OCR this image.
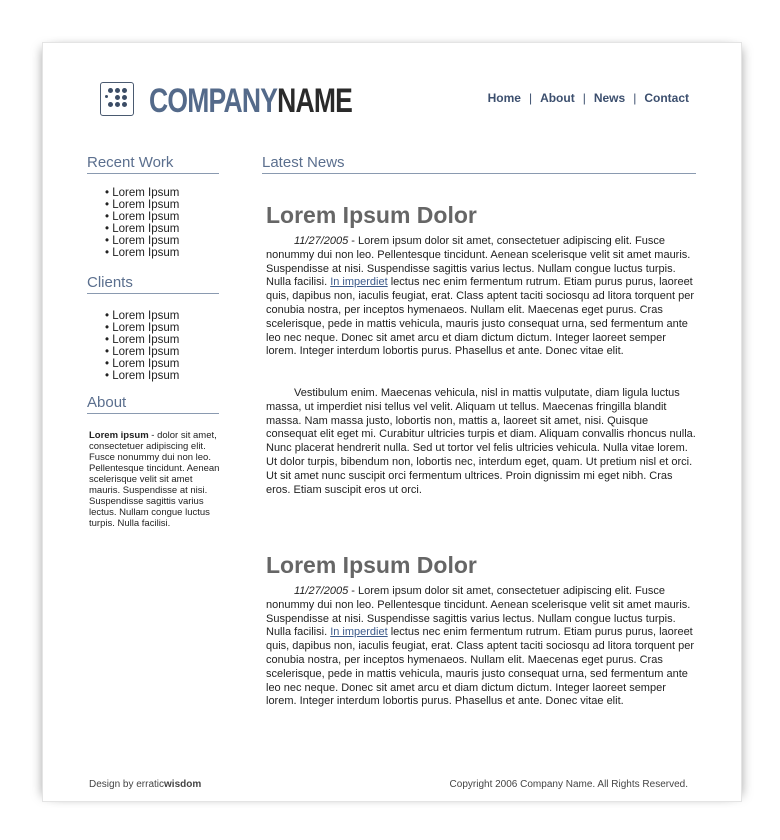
COMPANYNAME	Home | About | News | Contact
Recent Work
• Lorem Ipsum
• Lorem Ipsum
• Lorem Ipsum
• Lorem Ipsum
• Lorem Ipsum
• Lorem Ipsum
Clients
• Lorem Ipsum
• Lorem Ipsum
• Lorem Ipsum
• Lorem Ipsum
• Lorem Ipsum
• Lorem Ipsum
About
Lorem ipsum - dolor sit amet, consectetuer adipiscing elit. Fusce nonummy dui non leo. Pellentesque tincidunt. Aenean scelerisque velit sit amet mauris. Suspendisse at nisi. Suspendisse sagittis varius lectus. Nullam congue luctus turpis. Nulla facilisi.
Latest News
Lorem Ipsum Dolor

11/27/2005 - Lorem ipsum dolor sit amet, consectetuer adipiscing elit. Fusce nonummy dui non leo. Pellentesque tincidunt. Aenean scelerisque velit sit amet mauris. Suspendisse at nisi. Suspendisse sagittis varius lectus. Nullam congue luctus turpis. Nulla facilisi. In imperdiet lectus nec enim fermentum rutrum. Etiam purus purus, laoreet quis, dapibus non, iaculis feugiat, erat. Class aptent taciti sociosqu ad litora torquent per conubia nostra, per inceptos hymenaeos. Nullam elit. Maecenas eget purus. Cras scelerisque, pede in mattis vehicula, mauris justo consequat urna, sed fermentum ante leo nec neque. Donec sit amet arcu et diam dictum dictum. Integer laoreet semper lorem. Integer interdum lobortis purus. Phasellus et ante. Donec vitae elit.

Vestibulum enim. Maecenas vehicula, nisl in mattis vulputate, diam ligula luctus massa, ut imperdiet nisi tellus vel velit. Aliquam ut tellus. Maecenas fringilla blandit massa. Nam massa justo, lobortis non, mattis a, laoreet sit amet, nisi. Quisque consequat elit eget mi. Curabitur ultricies turpis et diam. Aliquam convallis rhoncus nulla. Nunc placerat hendrerit nulla. Sed ut tortor vel felis ultricies vehicula. Nulla vitae lorem. Ut dolor turpis, bibendum non, lobortis nec, interdum eget, quam. Ut pretium nisl et orci. Ut sit amet nunc suscipit orci fermentum ultrices. Proin dignissim mi eget nibh. Cras eros. Etiam suscipit eros ut orci.

Lorem Ipsum Dolor

11/27/2005 - Lorem ipsum dolor sit amet, consectetuer adipiscing elit. Fusce nonummy dui non leo. Pellentesque tincidunt. Aenean scelerisque velit sit amet mauris. Suspendisse at nisi. Suspendisse sagittis varius lectus. Nullam congue luctus turpis. Nulla facilisi. In imperdiet lectus nec enim fermentum rutrum. Etiam purus purus, laoreet quis, dapibus non, iaculis feugiat, erat. Class aptent taciti sociosqu ad litora torquent per conubia nostra, per inceptos hymenaeos. Nullam elit. Maecenas eget purus. Cras scelerisque, pede in mattis vehicula, mauris justo consequat urna, sed fermentum ante leo nec neque. Donec sit amet arcu et diam dictum dictum. Integer laoreet semper lorem. Integer interdum lobortis purus. Phasellus et ante. Donec vitae elit.

Design by erraticwisdom	Copyright 2006 Company Name. All Rights Reserved.
